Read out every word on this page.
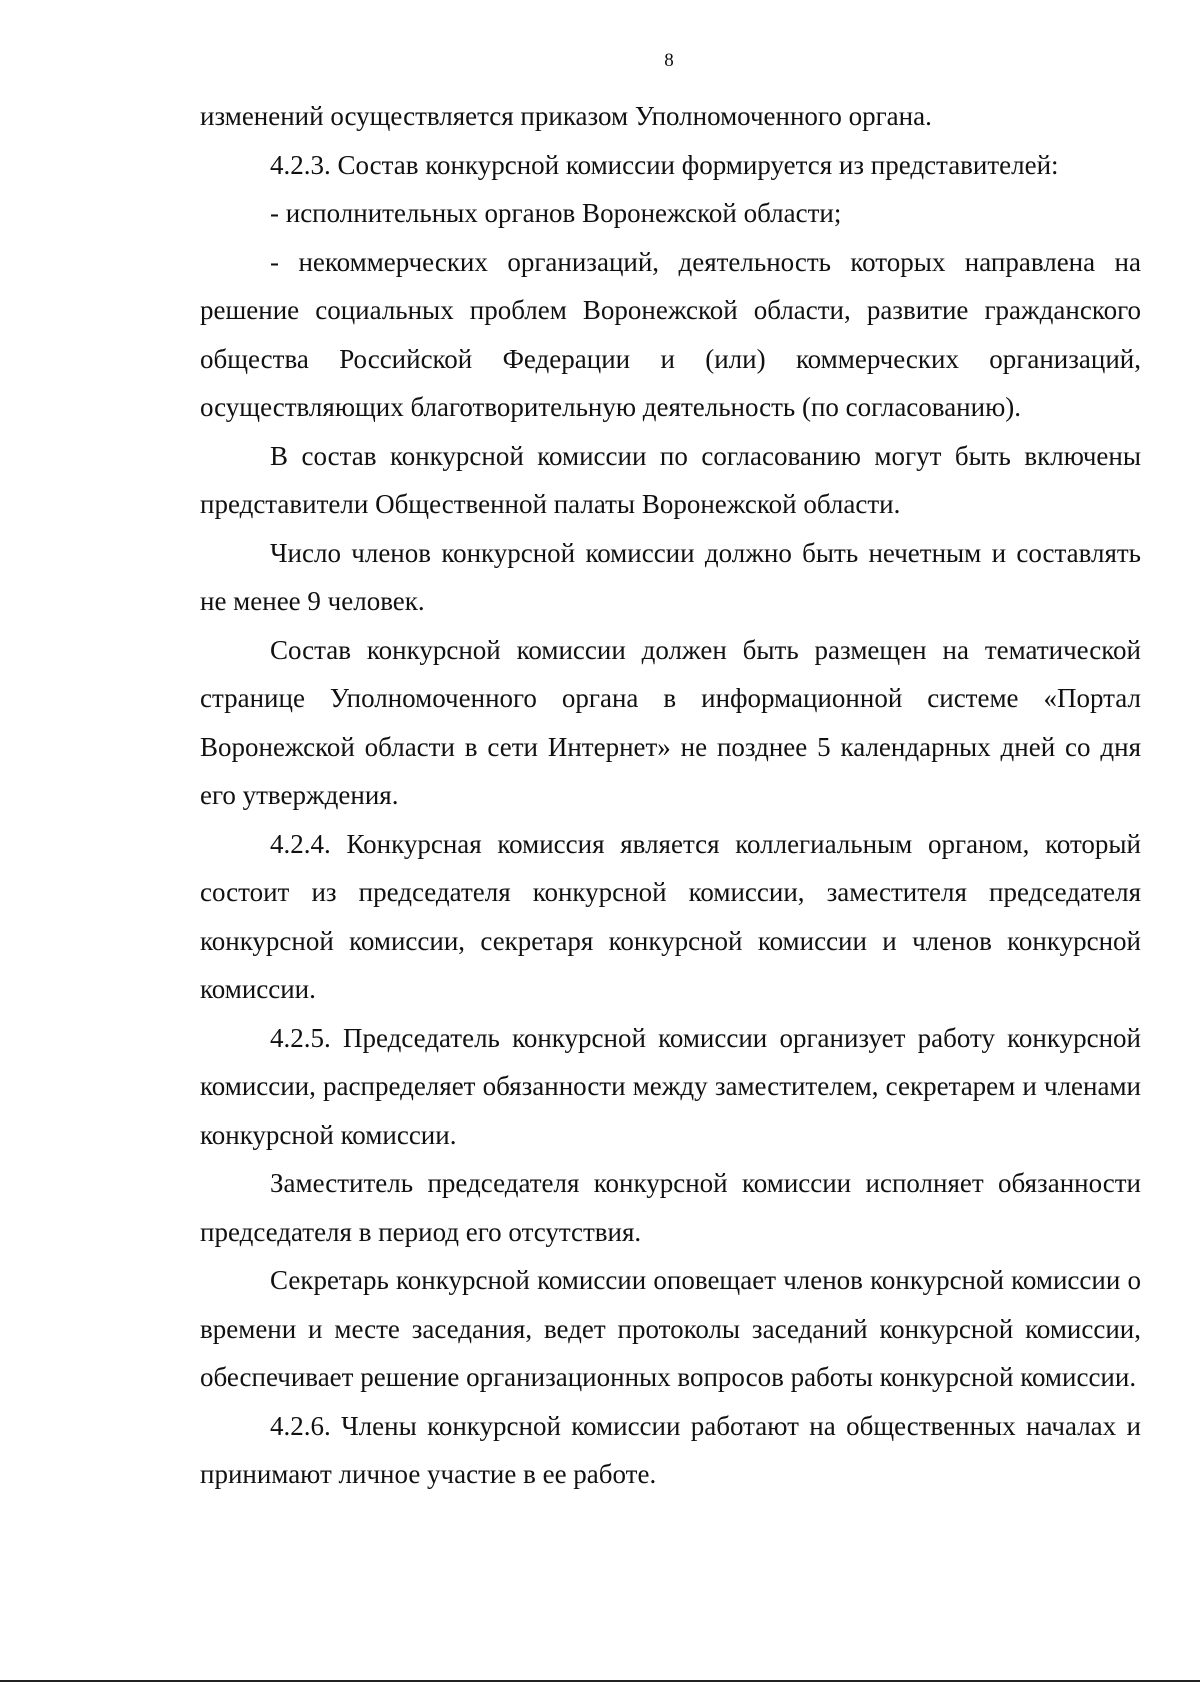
8

изменений осуществляется приказом Уполномоченного органа.

4.2.3. Состав конкурсной комиссии формируется из представителей:

- исполнительных органов Воронежской области;

- некоммерческих организаций, деятельность которых направлена на решение социальных проблем Воронежской области, развитие гражданского общества Российской Федерации и (или) коммерческих организаций, осуществляющих благотворительную деятельность (по согласованию).

В состав конкурсной комиссии по согласованию могут быть включены представители Общественной палаты Воронежской области.

Число членов конкурсной комиссии должно быть нечетным и составлять не менее 9 человек.

Состав конкурсной комиссии должен быть размещен на тематической странице Уполномоченного органа в информационной системе «Портал Воронежской области в сети Интернет» не позднее 5 календарных дней со дня его утверждения.

4.2.4. Конкурсная комиссия является коллегиальным органом, который состоит из председателя конкурсной комиссии, заместителя председателя конкурсной комиссии, секретаря конкурсной комиссии и членов конкурсной комиссии.

4.2.5. Председатель конкурсной комиссии организует работу конкурсной комиссии, распределяет обязанности между заместителем, секретарем и членами конкурсной комиссии.

Заместитель председателя конкурсной комиссии исполняет обязанности председателя в период его отсутствия.

Секретарь конкурсной комиссии оповещает членов конкурсной комиссии о времени и месте заседания, ведет протоколы заседаний конкурсной комиссии, обеспечивает решение организационных вопросов работы конкурсной комиссии.

4.2.6. Члены конкурсной комиссии работают на общественных началах и принимают личное участие в ее работе.
